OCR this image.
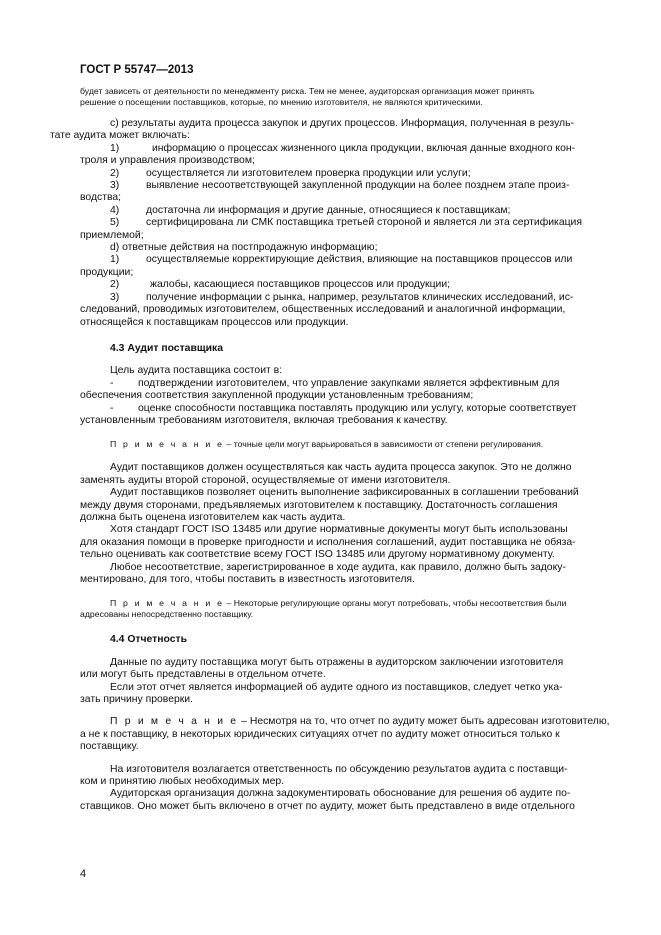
ГОСТ Р 55747—2013

будет зависеть от деятельности по менеджменту риска. Тем не менее, аудиторская организация может принять
решение о посещении поставщиков, которые, по мнению изготовителя, не являются критическими.

c) результаты аудита процесса закупок и других процессов. Информация, полученная в резуль-
тате аудита может включать:

1)	информацию о процессах жизненного цикла продукции, включая данные входного кон-
троля и управления производством;

2)	осуществляется ли изготовителем проверка продукции или услуги;

3)	выявление несоответствующей закупленной продукции на более позднем этапе произ-
водства;

4)	достаточна ли информация и другие данные, относящиеся к поставщикам;

5)	сертифицирована ли СМК поставщика третьей стороной и является ли эта сертификация
приемлемой;

d) ответные действия на постпродажную информацию;

1)	осуществляемые корректирующие действия, влияющие на поставщиков процессов или
продукции;

2)	жалобы, касающиеся поставщиков процессов или продукции;

3)	получение информации с рынка, например, результатов клинических исследований, ис-
следований, проводимых изготовителем, общественных исследований и аналогичной информации,
относящейся к поставщикам процессов или продукции.

4.3 Аудит поставщика

Цель аудита поставщика состоит в:

- подтверждении изготовителем, что управление закупками является эффективным для
обеспечения соответствия закупленной продукции установленным требованиям;

- оценке способности поставщика поставлять продукцию или услугу, которые соответствует
установленным требованиям изготовителя, включая требования к качеству.

П р и м е ч а н и е – точные цели могут варьироваться в зависимости от степени регулирования.

Аудит поставщиков должен осуществляться как часть аудита процесса закупок. Это не должно
заменять аудиты второй стороной, осуществляемые от имени изготовителя.

Аудит поставщиков позволяет оценить выполнение зафиксированных в соглашении требований
между двумя сторонами, предъявляемых изготовителем к поставщику. Достаточность соглашения
должна быть оценена изготовителем как часть аудита.

Хотя стандарт ГОСТ ISO 13485 или другие нормативные документы могут быть использованы
для оказания помощи в проверке пригодности и исполнения соглашений, аудит поставщика не обяза-
тельно оценивать как соответствие всему ГОСТ ISO 13485 или другому нормативному документу.

Любое несоответствие, зарегистрированное в ходе аудита, как правило, должно быть задоку-
ментировано, для того, чтобы поставить в известность изготовителя.

П р и м е ч а н и е – Некоторые регулирующие органы могут потребовать, чтобы несоответствия были
адресованы непосредственно поставщику.

4.4 Отчетность

Данные по аудиту поставщика могут быть отражены в аудиторском заключении изготовителя
или могут быть представлены в отдельном отчете.

Если этот отчет является информацией об аудите одного из поставщиков, следует четко ука-
зать причину проверки.

П р и м е ч а н и е – Несмотря на то, что отчет по аудиту может быть адресован изготовителю,
а не к поставщику, в некоторых юридических ситуациях отчет по аудиту может относиться только к
поставщику.

На изготовителя возлагается ответственность по обсуждению результатов аудита с поставщи-
ком и принятию любых необходимых мер.

Аудиторская организация должна задокументировать обоснование для решения об аудите по-
ставщиков. Оно может быть включено в отчет по аудиту, может быть представлено в виде отдельного

4
